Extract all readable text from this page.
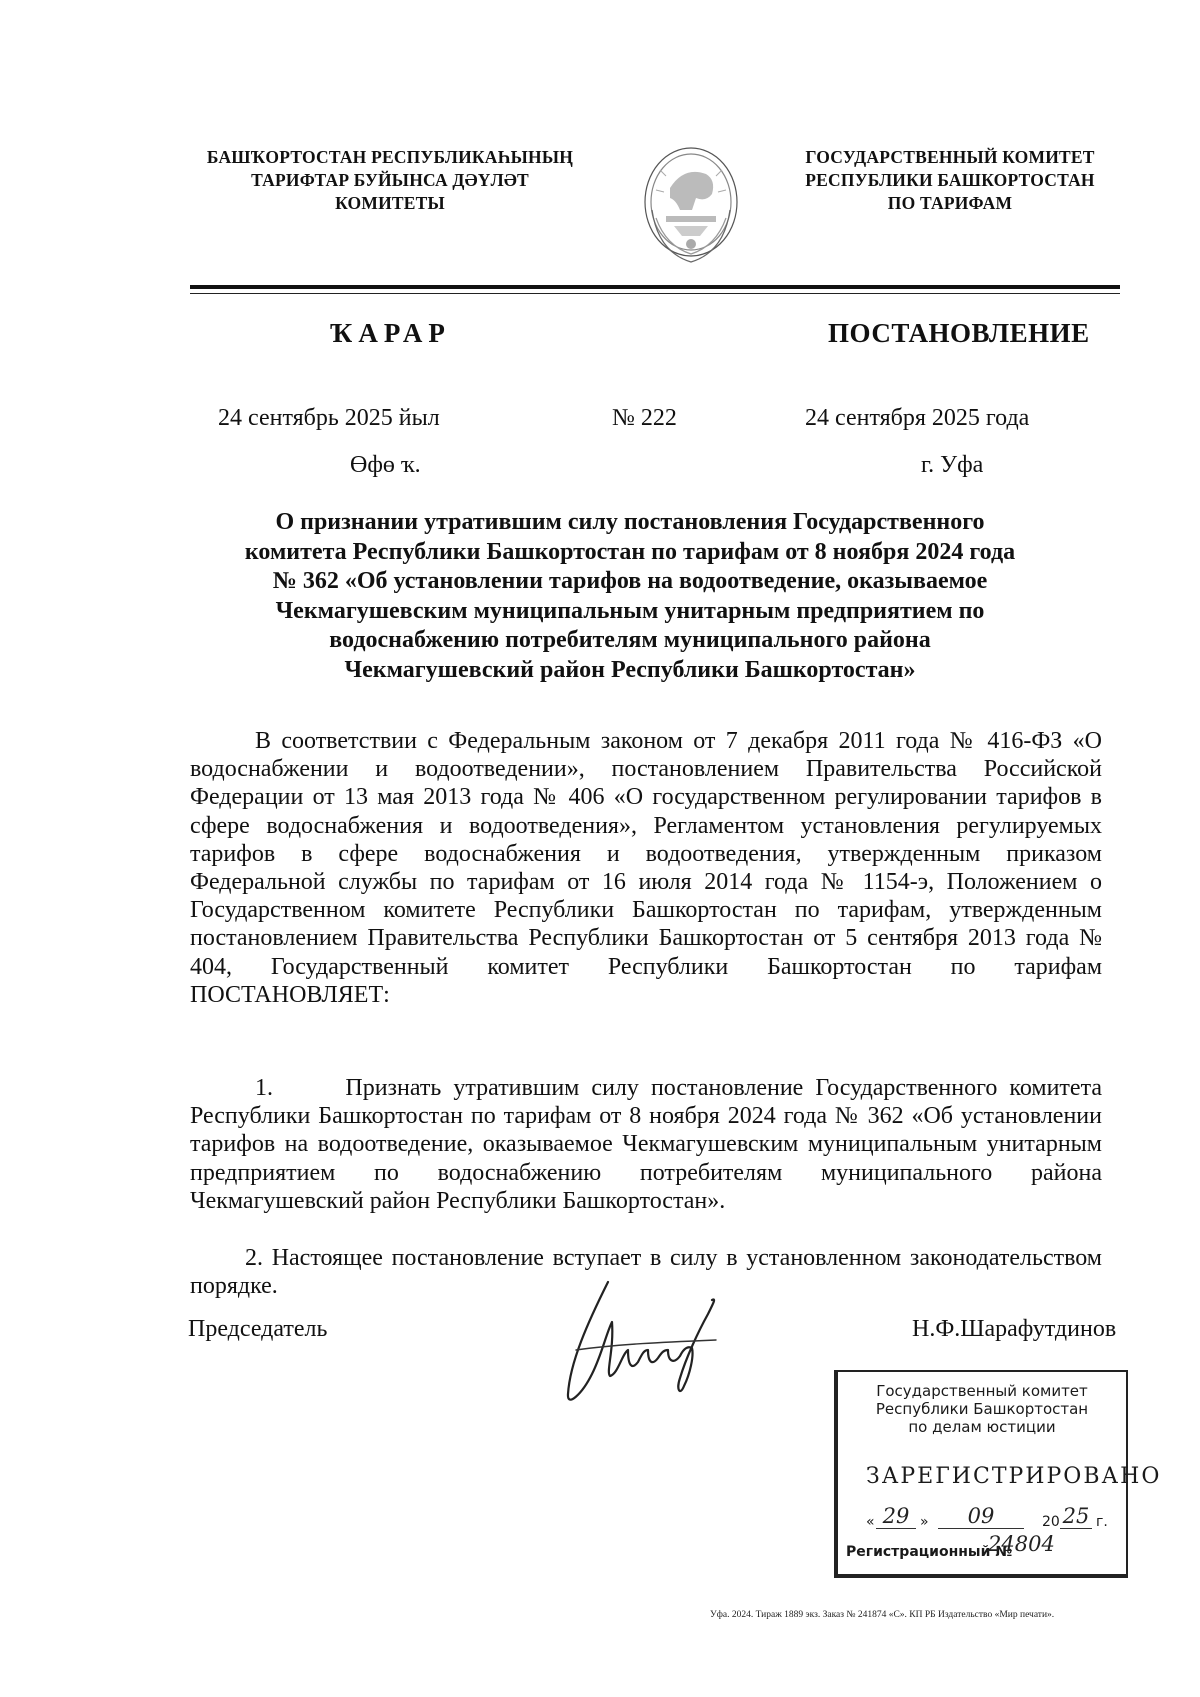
БАШҠОРТОСТАН РЕСПУБЛИКАҺЫНЫҢ
ТАРИФТАР БУЙЫНСА ДӘҮЛӘТ
КОМИТЕТЫ
ГОСУДАРСТВЕННЫЙ КОМИТЕТ
РЕСПУБЛИКИ БАШКОРТОСТАН
ПО ТАРИФАМ
ҠАРАР	ПОСТАНОВЛЕНИЕ
24 сентябрь 2025 йыл	№ 222	24 сентября 2025 года
Өфө ҡ.	г. Уфа
О признании утратившим силу постановления Государственного
комитета Республики Башкортостан по тарифам от 8 ноября 2024 года
№ 362 «Об установлении тарифов на водоотведение, оказываемое
Чекмагушевским муниципальным унитарным предприятием по
водоснабжению потребителям муниципального района
Чекмагушевский район Республики Башкортостан»

В соответствии с Федеральным законом от 7 декабря 2011 года № 416-ФЗ «О водоснабжении и водоотведении», постановлением Правительства Российской Федерации от 13 мая 2013 года № 406 «О государственном регулировании тарифов в сфере водоснабжения и водоотведения», Регламентом установления регулируемых тарифов в сфере водоснабжения и водоотведения, утвержденным приказом Федеральной службы по тарифам от 16 июля 2014 года № 1154-э, Положением о Государственном комитете Республики Башкортостан по тарифам, утвержденным постановлением Правительства Республики Башкортостан от 5 сентября 2013 года № 404, Государственный комитет Республики Башкортостан по тарифам ПОСТАНОВЛЯЕТ:

1.	Признать утратившим силу постановление Государственного комитета Республики Башкортостан по тарифам от 8 ноября 2024 года № 362 «Об установлении тарифов на водоотведение, оказываемое Чекмагушевским муниципальным унитарным предприятием по водоснабжению потребителям муниципального района Чекмагушевский район Республики Башкортостан».

2. Настоящее постановление вступает в силу в установленном законодательством порядке.

Председатель	Н.Ф.Шарафутдинов
Государственный комитет
Республики Башкортостан
по делам юстиции
ЗАРЕГИСТРИРОВАНО
« 29 »	09	20 25 г.
Регистрационный №
24804
Уфа. 2024. Тираж 1889 экз. Заказ № 241874 «С». КП РБ Издательство «Мир печати».
